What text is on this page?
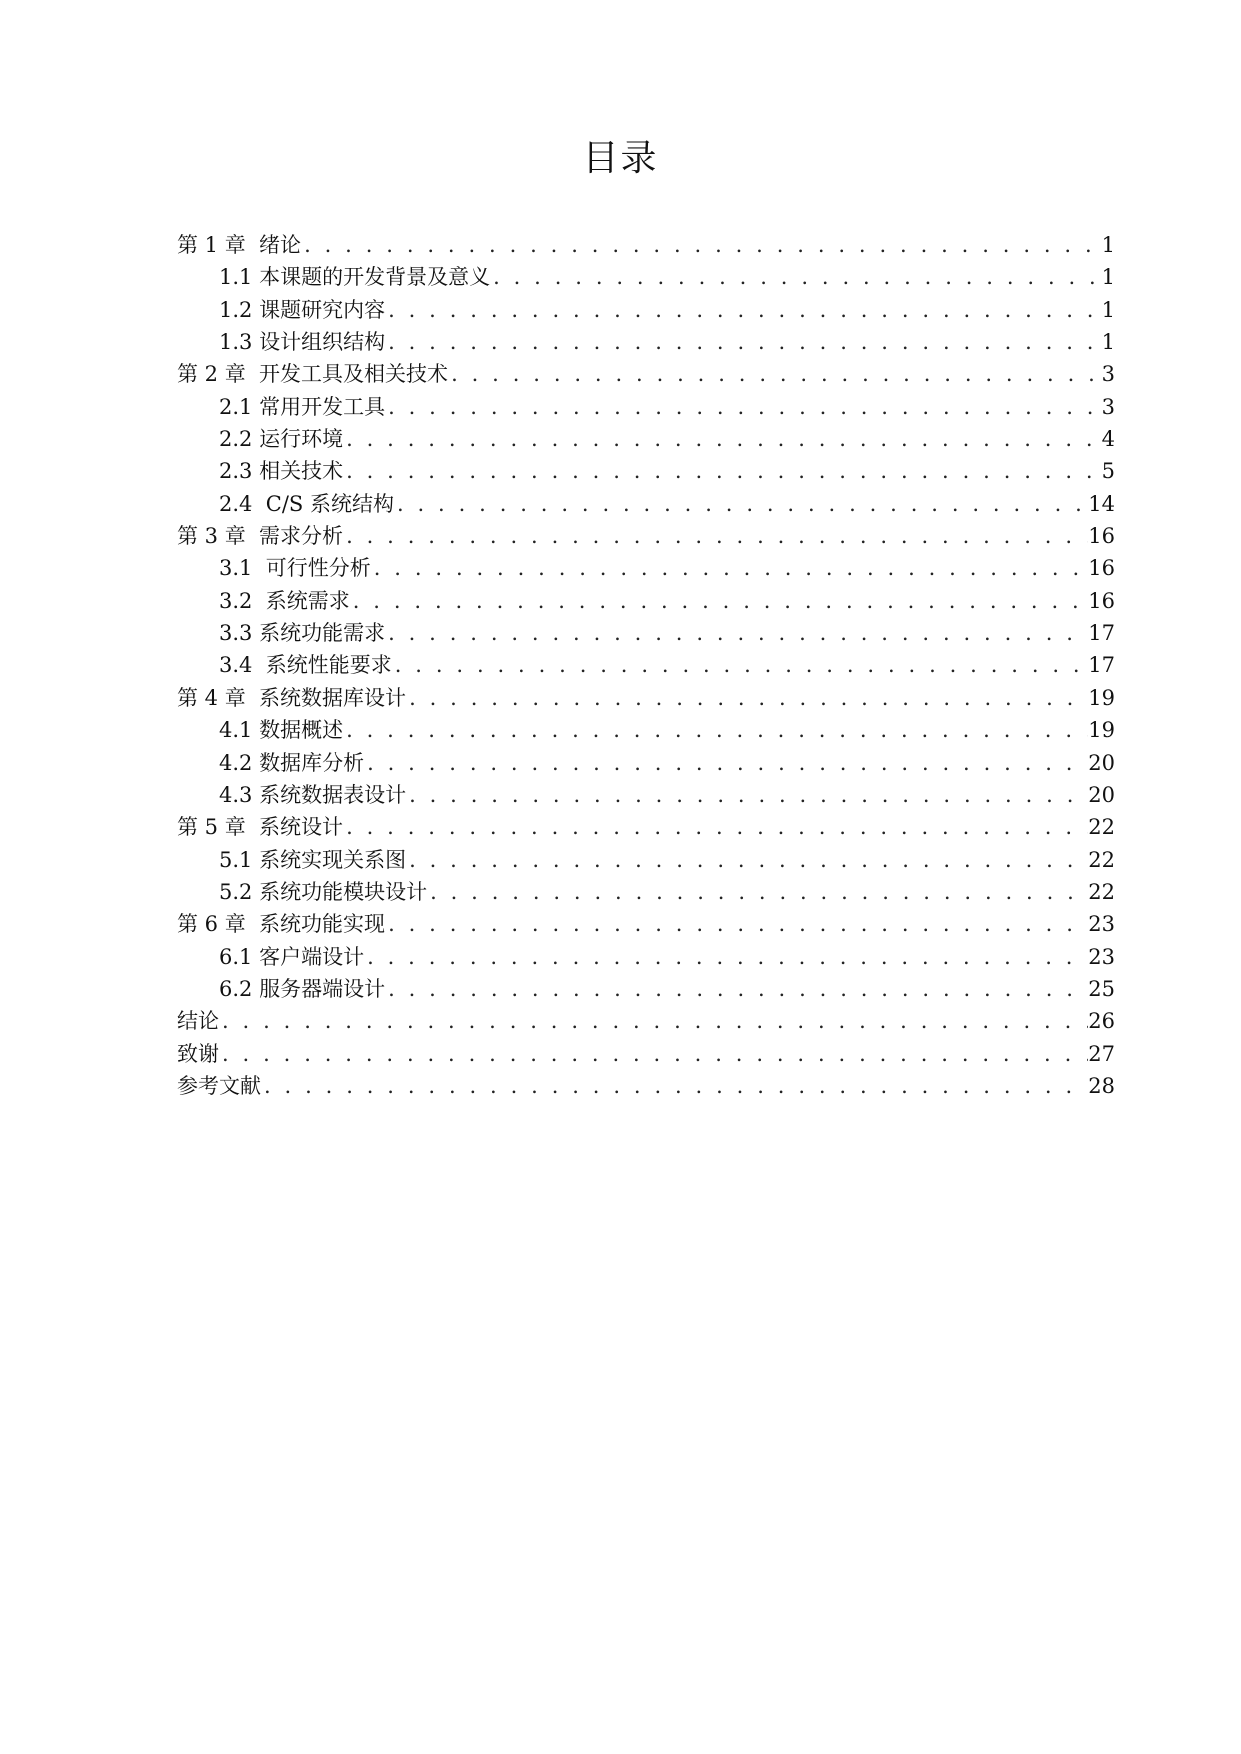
目录
第 1 章  绪论 . . .	1
1.1 本课题的开发背景及意义 . . .	1
1.2 课题研究内容 . . .	1
1.3 设计组织结构 . . .	1
第 2 章  开发工具及相关技术 . . .	3
2.1 常用开发工具 . . .	3
2.2 运行环境 . . .	4
2.3 相关技术 . . .	5
2.4  C/S 系统结构 . . .	14
第 3 章  需求分析 . . .	16
3.1  可行性分析 . . .	16
3.2  系统需求 . . .	16
3.3 系统功能需求 . . .	17
3.4  系统性能要求 . . .	17
第 4 章  系统数据库设计 . . .	19
4.1 数据概述 . . .	19
4.2 数据库分析 . . .	20
4.3 系统数据表设计 . . .	20
第 5 章  系统设计 . . .	22
5.1 系统实现关系图 . . .	22
5.2 系统功能模块设计 . . .	22
第 6 章  系统功能实现 . . .	23
6.1 客户端设计 . . .	23
6.2 服务器端设计 . . .	25
结论 . . .	26
致谢 . . .	27
参考文献 . . .	28
